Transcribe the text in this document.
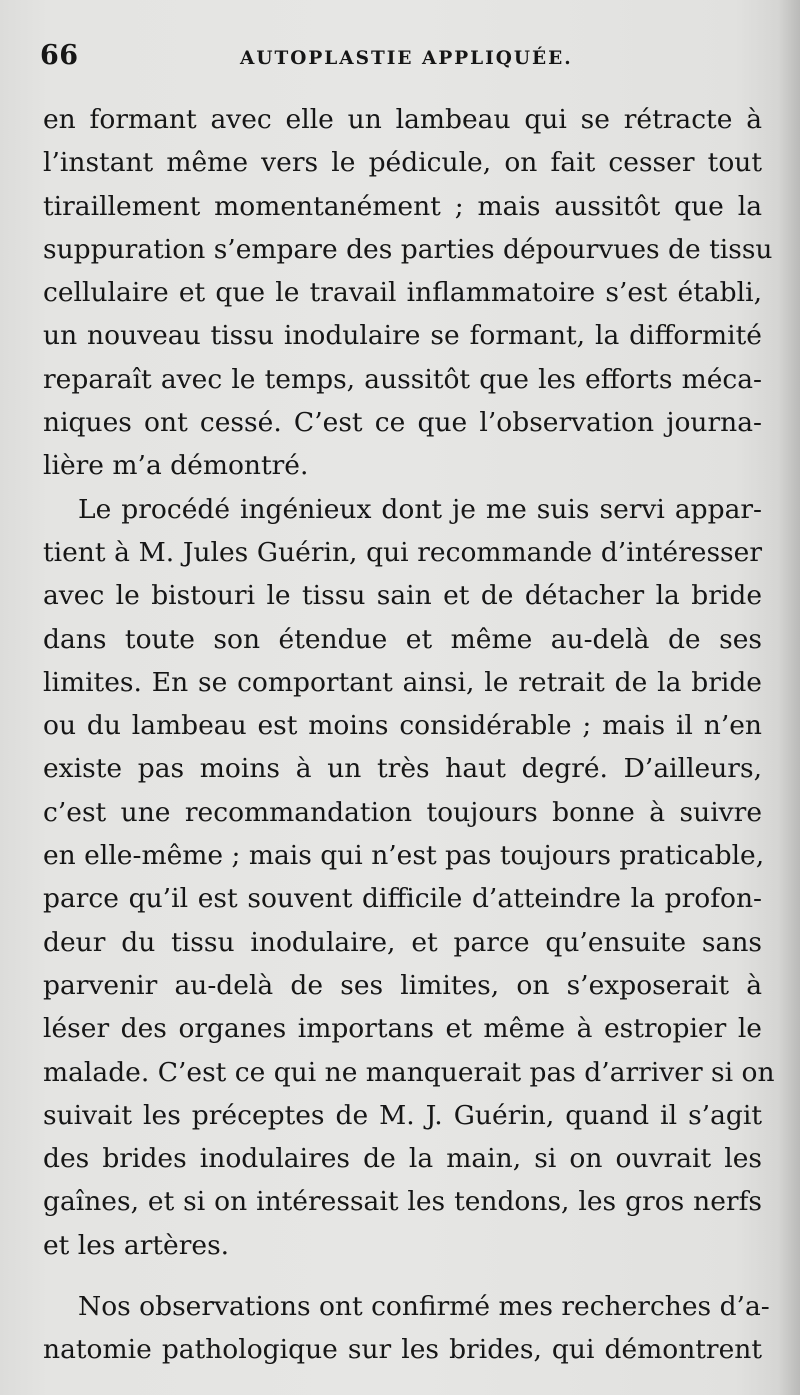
66	AUTOPLASTIE APPLIQUÉE.
en formant avec elle un lambeau qui se rétracte à
l’instant même vers le pédicule, on fait cesser tout
tiraillement momentanément ; mais aussitôt que la
suppuration s’empare des parties dépourvues de tissu
cellulaire et que le travail inflammatoire s’est établi,
un nouveau tissu inodulaire se formant, la difformité
reparaît avec le temps, aussitôt que les efforts méca-
niques ont cessé. C’est ce que l’observation journa-
lière m’a démontré.
Le procédé ingénieux dont je me suis servi appar-
tient à M. Jules Guérin, qui recommande d’intéresser
avec le bistouri le tissu sain et de détacher la bride
dans toute son étendue et même au-delà de ses
limites. En se comportant ainsi, le retrait de la bride
ou du lambeau est moins considérable ; mais il n’en
existe pas moins à un très haut degré. D’ailleurs,
c’est une recommandation toujours bonne à suivre
en elle-même ; mais qui n’est pas toujours praticable,
parce qu’il est souvent difficile d’atteindre la profon-
deur du tissu inodulaire, et parce qu’ensuite sans
parvenir au-delà de ses limites, on s’exposerait à
léser des organes importans et même à estropier le
malade. C’est ce qui ne manquerait pas d’arriver si on
suivait les préceptes de M. J. Guérin, quand il s’agit
des brides inodulaires de la main, si on ouvrait les
gaînes, et si on intéressait les tendons, les gros nerfs
et les artères.
Nos observations ont confirmé mes recherches d’a-
natomie pathologique sur les brides, qui démontrent
